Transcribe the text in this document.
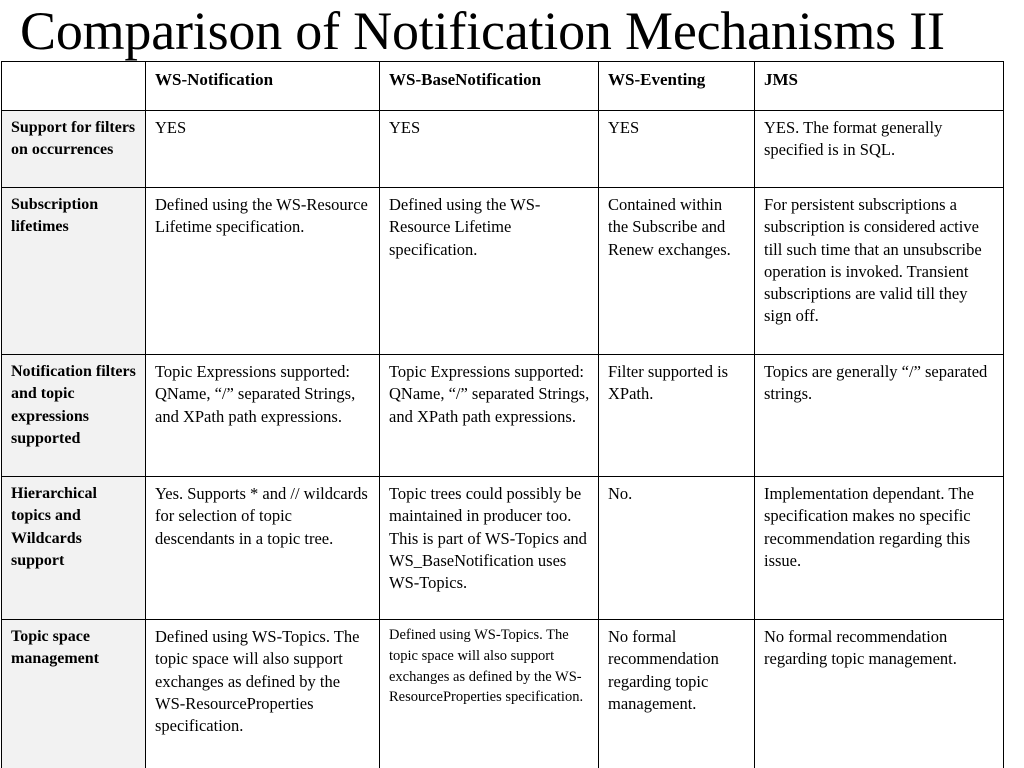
Comparison of Notification Mechanisms II
	WS-Notification	WS-BaseNotification	WS-Eventing	JMS
Support for filters on occurrences	YES	YES	YES	YES. The format generally specified is in SQL.
Subscription lifetimes	Defined using the WS-Resource Lifetime specification.	Defined using the WS-Resource Lifetime specification.	Contained within the Subscribe and Renew exchanges.	For persistent subscriptions a subscription is considered active till such time that an unsubscribe operation is invoked. Transient subscriptions are valid till they sign off.
Notification filters and topic expressions supported	Topic Expressions supported: QName, “/” separated Strings, and XPath path expressions.	Topic Expressions supported: QName, “/” separated Strings, and XPath path expressions.	Filter supported is XPath.	Topics are generally “/” separated strings.
Hierarchical topics and Wildcards support	Yes. Supports * and // wildcards for selection of topic descendants in a topic tree.	Topic trees could possibly be maintained in producer too. This is part of WS-Topics and WS_BaseNotification uses WS-Topics.	No.	Implementation dependant. The specification makes no specific recommendation regarding this issue.
Topic space management	Defined using WS-Topics. The topic space will also support exchanges as defined by the WS-ResourceProperties specification.	Defined using WS-Topics. The topic space will also support exchanges as defined by the WS-ResourceProperties specification.	No formal recommendation regarding topic management.	No formal recommendation regarding topic management.
